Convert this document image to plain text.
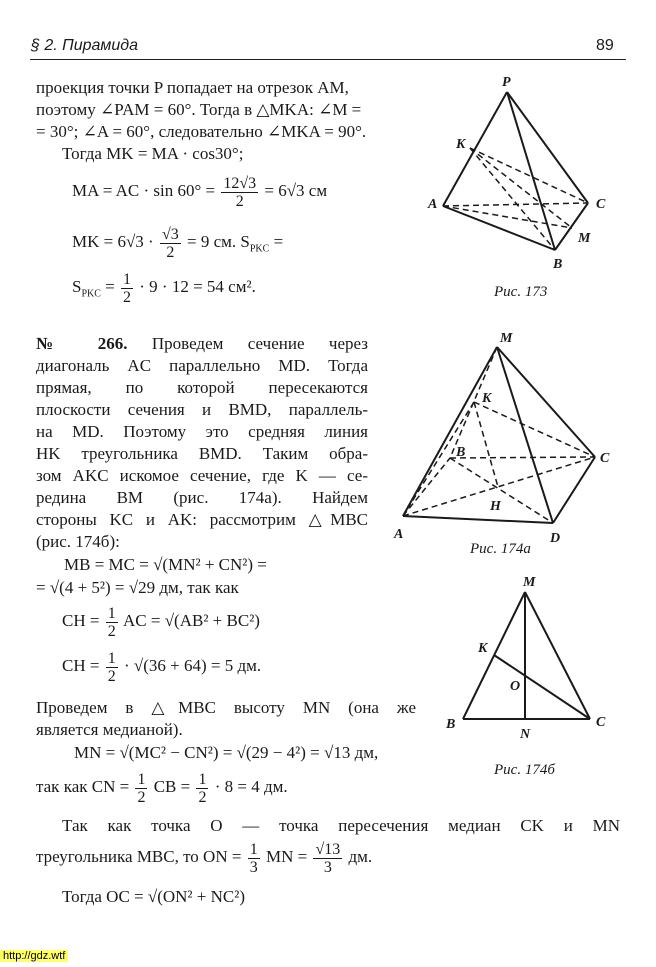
§ 2. Пирамида	89
проекция точки P попадает на отрезок AM,
поэтому ∠PAM = 60°. Тогда в △MKA: ∠M =
= 30°; ∠A = 60°, следовательно ∠MKA = 90°.
Тогда MK = MA · cos30°;
MA = AC · $\sin 60^\circ = \frac{12√3}{2} = 6√3$ см
MK = $6√3 \cdot \frac{√3}{2} = 9$ см. $S_{PKC}$ =
$S_{PKC} = \frac{1}{2} \cdot 9 \cdot 12 = 54$ см².
№ 266. Проведем сечение через
диагональ AC параллельно MD. Тогда
прямая, по которой пересекаются
плоскости сечения и BMD, параллель-
на MD. Поэтому это средняя линия
HK треугольника BMD. Таким обра-
зом AKC искомое сечение, где K — се-
редина BM (рис. 174а). Найдем
стороны KC и AK: рассмотрим △MBC
(рис. 174б):
MB = MC = √(MN² + CN²) =
= √(4 + 5²) = √29 дм, так как
CH = $\frac{1}{2}$ AC = √(AB² + BC²)
CH = $\frac{1}{2} \cdot √(36 + 64) = 5$ дм.
Проведем в △MBC высоту MN (она же
является медианой).
MN = √(MC² − CN²) = √(29 − 4²) = √13 дм,
так как CN = $\frac{1}{2}$ CB = $\frac{1}{2} \cdot 8 = 4$ дм.
Так как точка O — точка пересечения медиан CK и MN
треугольника MBC, то ON = $\frac{1}{3}$ MN = $\frac{√13}{3}$ дм.
Тогда OC = √(ON² + NC²)
P
K
A	C
M
B
Рис. 173
M
K
B	C
H
A	D
Рис. 174а
M
K
O
B
N
C
Рис. 174б
http://gdz.wtf
